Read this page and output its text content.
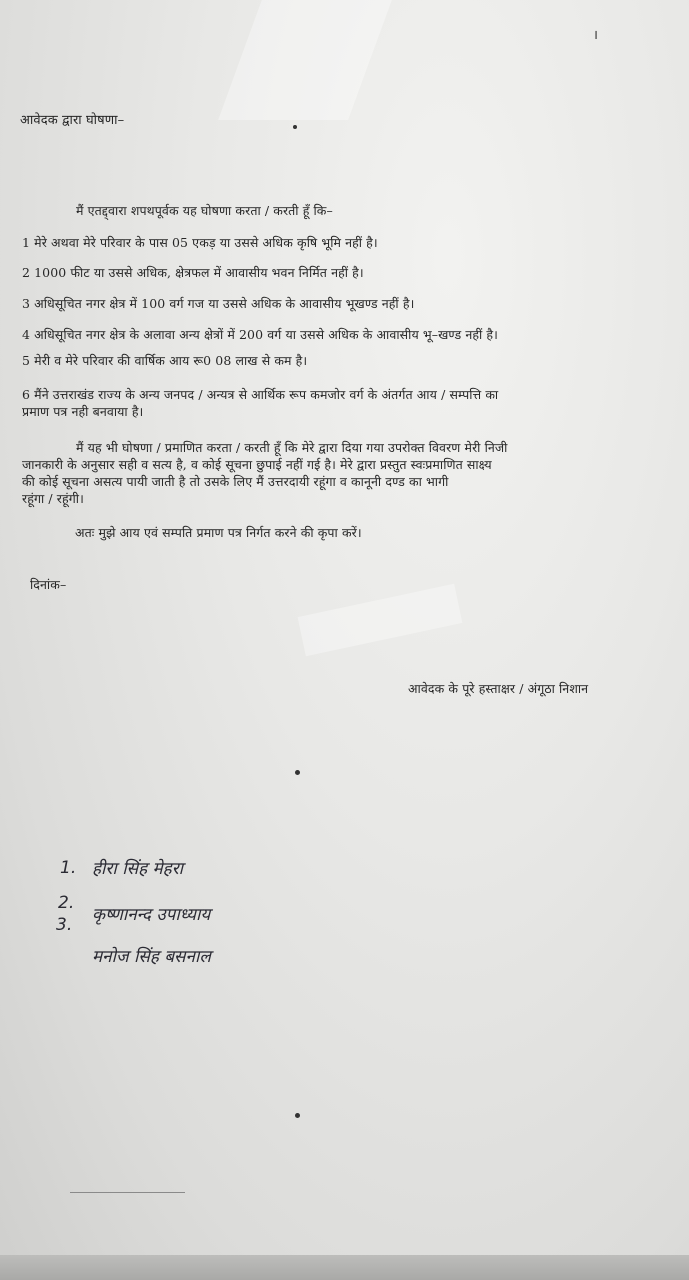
।
आवेदक द्वारा घोषणा–
मैं एतद्द्वारा शपथपूर्वक यह घोषणा करता / करती हूँ कि–
1 मेरे अथवा मेरे परिवार के पास 05 एकड़ या उससे अधिक कृषि भूमि नहीं है।
2 1000 फीट या उससे अधिक, क्षेत्रफल में आवासीय भवन निर्मित नहीं है।
3 अधिसूचित नगर क्षेत्र में 100 वर्ग गज या उससे अधिक के आवासीय भूखण्ड नहीं है।
4 अधिसूचित नगर क्षेत्र के अलावा अन्य क्षेत्रों में 200 वर्ग या उससे अधिक के आवासीय भू–खण्ड नहीं है।
5 मेरी व मेरे परिवार की वार्षिक आय रू0 08 लाख से कम है।
6 मैंने उत्तराखंड राज्य के अन्य जनपद / अन्यत्र से आर्थिक रूप कमजोर वर्ग के अंतर्गत आय / सम्पत्ति का
प्रमाण पत्र नही बनवाया है।
मैं यह भी घोषणा / प्रमाणित करता / करती हूँ कि मेरे द्वारा दिया गया उपरोक्त विवरण मेरी निजी
जानकारी के अनुसार सही व सत्य है, व कोई सूचना छुपाई नहीं गई है। मेरे द्वारा प्रस्तुत स्वःप्रमाणित साक्ष्य
की कोई सूचना असत्य पायी जाती है तो उसके लिए मैं उत्तरदायी रहूंगा व कानूनी दण्ड का भागी
रहूंगा / रहूंगी।
अतः मुझे आय एवं सम्पति प्रमाण पत्र निर्गत करने की कृपा करें।
दिनांक–
आवेदक के पूरे हस्ताक्षर / अंगूठा निशान
1. हीरा सिंह मेहरा
2.
कृष्णानन्द उपाध्याय
3.
मनोज सिंह बसनाल
